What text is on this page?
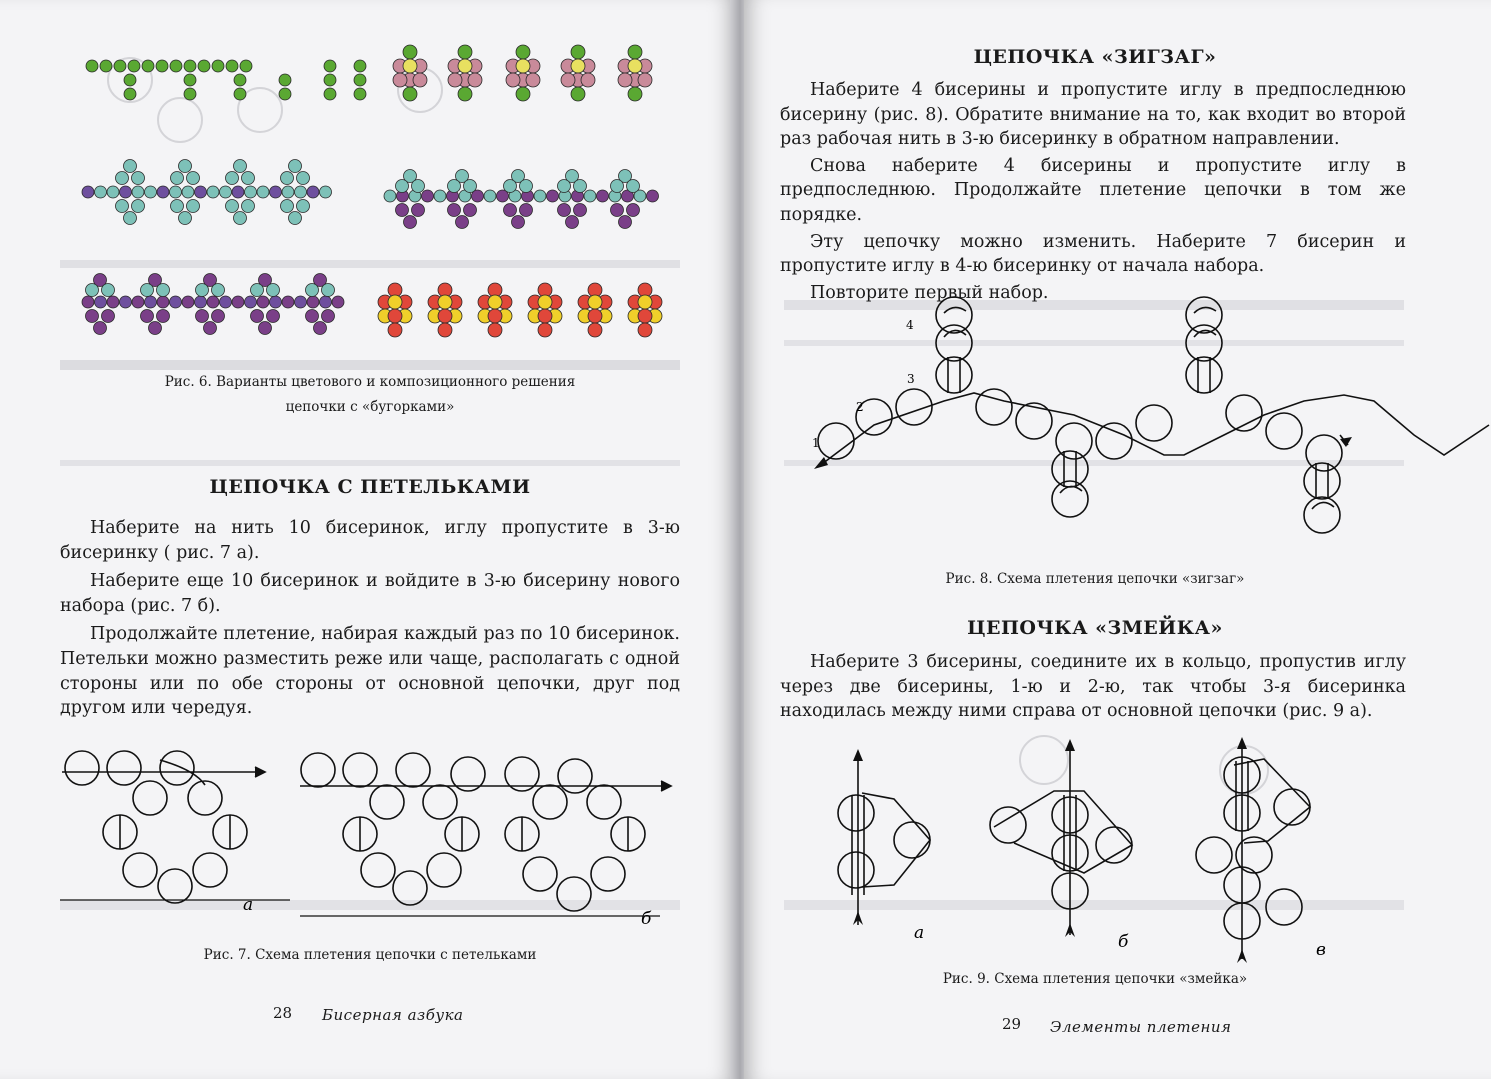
Рис. 6. Варианты цветового и композиционного решения
цепочки с «бугорками»
ЦЕПОЧКА С ПЕТЕЛЬКАМИ

Наберите на нить 10 бисеринок, иглу пропустите в 3-ю бисеринку ( рис. 7 а).

Наберите еще 10 бисеринок и войдите в 3-ю бисерину нового набора (рис. 7 б).

Продолжайте плетение, набирая каждый раз по 10 бисеринок. Петельки можно разместить реже или чаще, располагать с одной стороны или по обе стороны от основной цепочки, друг под другом или чередуя.

а
б
Рис. 7. Схема плетения цепочки с петельками
28 Бисерная азбука
ЦЕПОЧКА «ЗИГЗАГ»

Наберите 4 бисерины и пропустите иглу в предпоследнюю бисерину (рис. 8). Обратите внимание на то, как входит во второй раз рабочая нить в 3-ю бисеринку в обратном направлении.

Снова наберите 4 бисерины и пропустите иглу в предпоследнюю. Продолжайте плетение цепочки в том же порядке.

Эту цепочку можно изменить. Наберите 7 бисерин и пропустите иглу в 4-ю бисеринку от начала набора.

Повторите первый набор.

1
2
3
4
Рис. 8. Схема плетения цепочки «зигзаг»
ЦЕПОЧКА «ЗМЕЙКА»

Наберите 3 бисерины, соедините их в кольцо, пропустив иглу через две бисерины, 1-ю и 2-ю, так чтобы 3-я бисеринка находилась между ними справа от основной цепочки (рис. 9 а).

а	б	в
Рис. 9. Схема плетения цепочки «змейка»
29 Элементы плетения
